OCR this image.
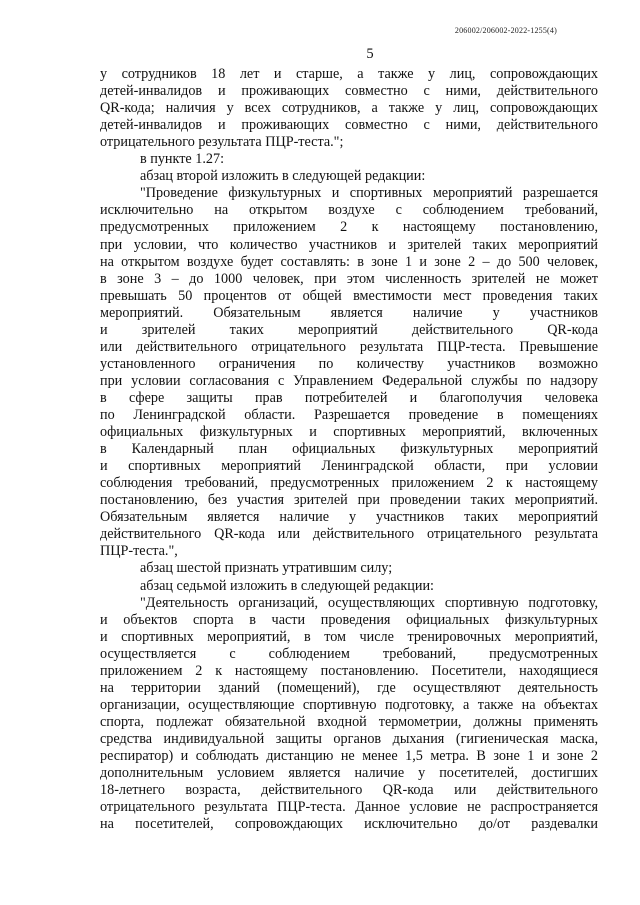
206002/206002-2022-1255(4)
5
у сотрудников 18 лет и старше, а также у лиц, сопровождающих
детей-инвалидов и проживающих совместно с ними, действительного
QR-кода; наличия у всех сотрудников, а также у лиц, сопровождающих
детей-инвалидов и проживающих совместно с ними, действительного
отрицательного результата ПЦР-теста.";
в пункте 1.27:
абзац второй изложить в следующей редакции:
"Проведение физкультурных и спортивных мероприятий разрешается
исключительно на открытом воздухе с соблюдением требований,
предусмотренных приложением 2 к настоящему постановлению,
при условии, что количество участников и зрителей таких мероприятий
на открытом воздухе будет составлять: в зоне 1 и зоне 2 – до 500 человек,
в зоне 3 – до 1000 человек, при этом численность зрителей не может
превышать 50 процентов от общей вместимости мест проведения таких
мероприятий. Обязательным является наличие у участников
и зрителей таких мероприятий действительного QR-кода
или действительного отрицательного результата ПЦР-теста. Превышение
установленного ограничения по количеству участников возможно
при условии согласования с Управлением Федеральной службы по надзору
в сфере защиты прав потребителей и благополучия человека
по Ленинградской области. Разрешается проведение в помещениях
официальных физкультурных и спортивных мероприятий, включенных
в Календарный план официальных физкультурных мероприятий
и спортивных мероприятий Ленинградской области, при условии
соблюдения требований, предусмотренных приложением 2 к настоящему
постановлению, без участия зрителей при проведении таких мероприятий.
Обязательным является наличие у участников таких мероприятий
действительного QR-кода или действительного отрицательного результата
ПЦР-теста.",
абзац шестой признать утратившим силу;
абзац седьмой изложить в следующей редакции:
"Деятельность организаций, осуществляющих спортивную подготовку,
и объектов спорта в части проведения официальных физкультурных
и спортивных мероприятий, в том числе тренировочных мероприятий,
осуществляется с соблюдением требований, предусмотренных
приложением 2 к настоящему постановлению. Посетители, находящиеся
на территории зданий (помещений), где осуществляют деятельность
организации, осуществляющие спортивную подготовку, а также на объектах
спорта, подлежат обязательной входной термометрии, должны применять
средства индивидуальной защиты органов дыхания (гигиеническая маска,
респиратор) и соблюдать дистанцию не менее 1,5 метра. В зоне 1 и зоне 2
дополнительным условием является наличие у посетителей, достигших
18-летнего возраста, действительного QR-кода или действительного
отрицательного результата ПЦР-теста. Данное условие не распространяется
на посетителей, сопровождающих исключительно до/от раздевалки
